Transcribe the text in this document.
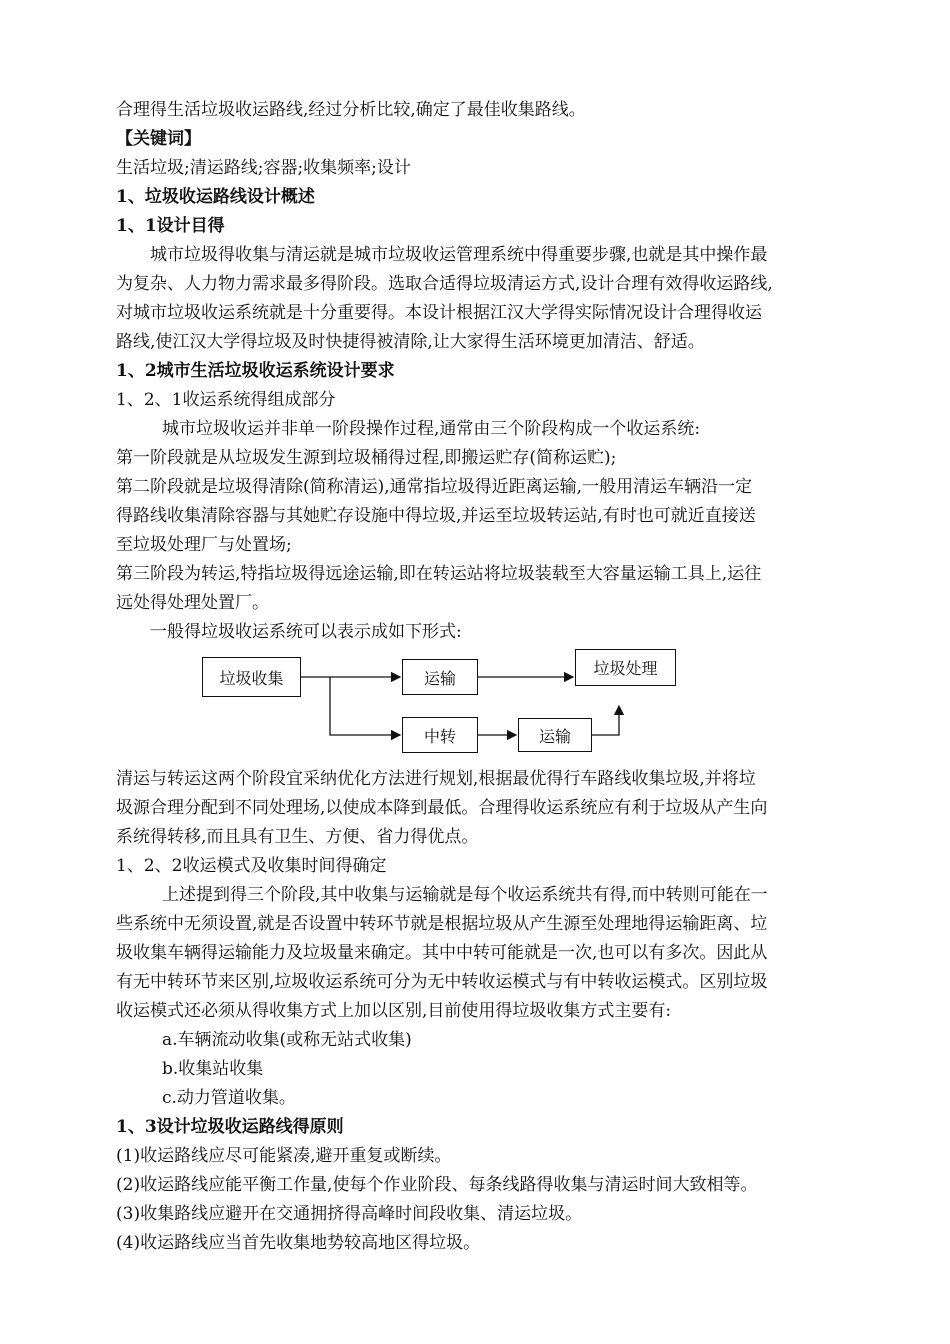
合理得生活垃圾收运路线,经过分析比较,确定了最佳收集路线。
【关键词】
生活垃圾;清运路线;容器;收集频率;设计
1、垃圾收运路线设计概述
1、1设计目得
城市垃圾得收集与清运就是城市垃圾收运管理系统中得重要步骤,也就是其中操作最
为复杂、人力物力需求最多得阶段。选取合适得垃圾清运方式,设计合理有效得收运路线,
对城市垃圾收运系统就是十分重要得。本设计根据江汉大学得实际情况设计合理得收运
路线,使江汉大学得垃圾及时快捷得被清除,让大家得生活环境更加清洁、舒适。
1、2城市生活垃圾收运系统设计要求
1、2、1收运系统得组成部分
城市垃圾收运并非单一阶段操作过程,通常由三个阶段构成一个收运系统:
第一阶段就是从垃圾发生源到垃圾桶得过程,即搬运贮存(简称运贮);
第二阶段就是垃圾得清除(简称清运),通常指垃圾得近距离运输,一般用清运车辆沿一定
得路线收集清除容器与其她贮存设施中得垃圾,并运至垃圾转运站,有时也可就近直接送
至垃圾处理厂与处置场;
第三阶段为转运,特指垃圾得远途运输,即在转运站将垃圾装载至大容量运输工具上,运往
远处得处理处置厂。
一般得垃圾收运系统可以表示成如下形式:
垃圾收集	运输	垃圾处理
中转	运输
清运与转运这两个阶段宜采纳优化方法进行规划,根据最优得行车路线收集垃圾,并将垃
圾源合理分配到不同处理场,以使成本降到最低。合理得收运系统应有利于垃圾从产生向
系统得转移,而且具有卫生、方便、省力得优点。
1、2、2收运模式及收集时间得确定
上述提到得三个阶段,其中收集与运输就是每个收运系统共有得,而中转则可能在一
些系统中无须设置,就是否设置中转环节就是根据垃圾从产生源至处理地得运输距离、垃
圾收集车辆得运输能力及垃圾量来确定。其中中转可能就是一次,也可以有多次。因此从
有无中转环节来区别,垃圾收运系统可分为无中转收运模式与有中转收运模式。区别垃圾
收运模式还必须从得收集方式上加以区别,目前使用得垃圾收集方式主要有:
a.车辆流动收集(或称无站式收集)
b.收集站收集
c.动力管道收集。
1、3设计垃圾收运路线得原则
(1)收运路线应尽可能紧凑,避开重复或断续。
(2)收运路线应能平衡工作量,使每个作业阶段、每条线路得收集与清运时间大致相等。
(3)收集路线应避开在交通拥挤得高峰时间段收集、清运垃圾。
(4)收运路线应当首先收集地势较高地区得垃圾。
